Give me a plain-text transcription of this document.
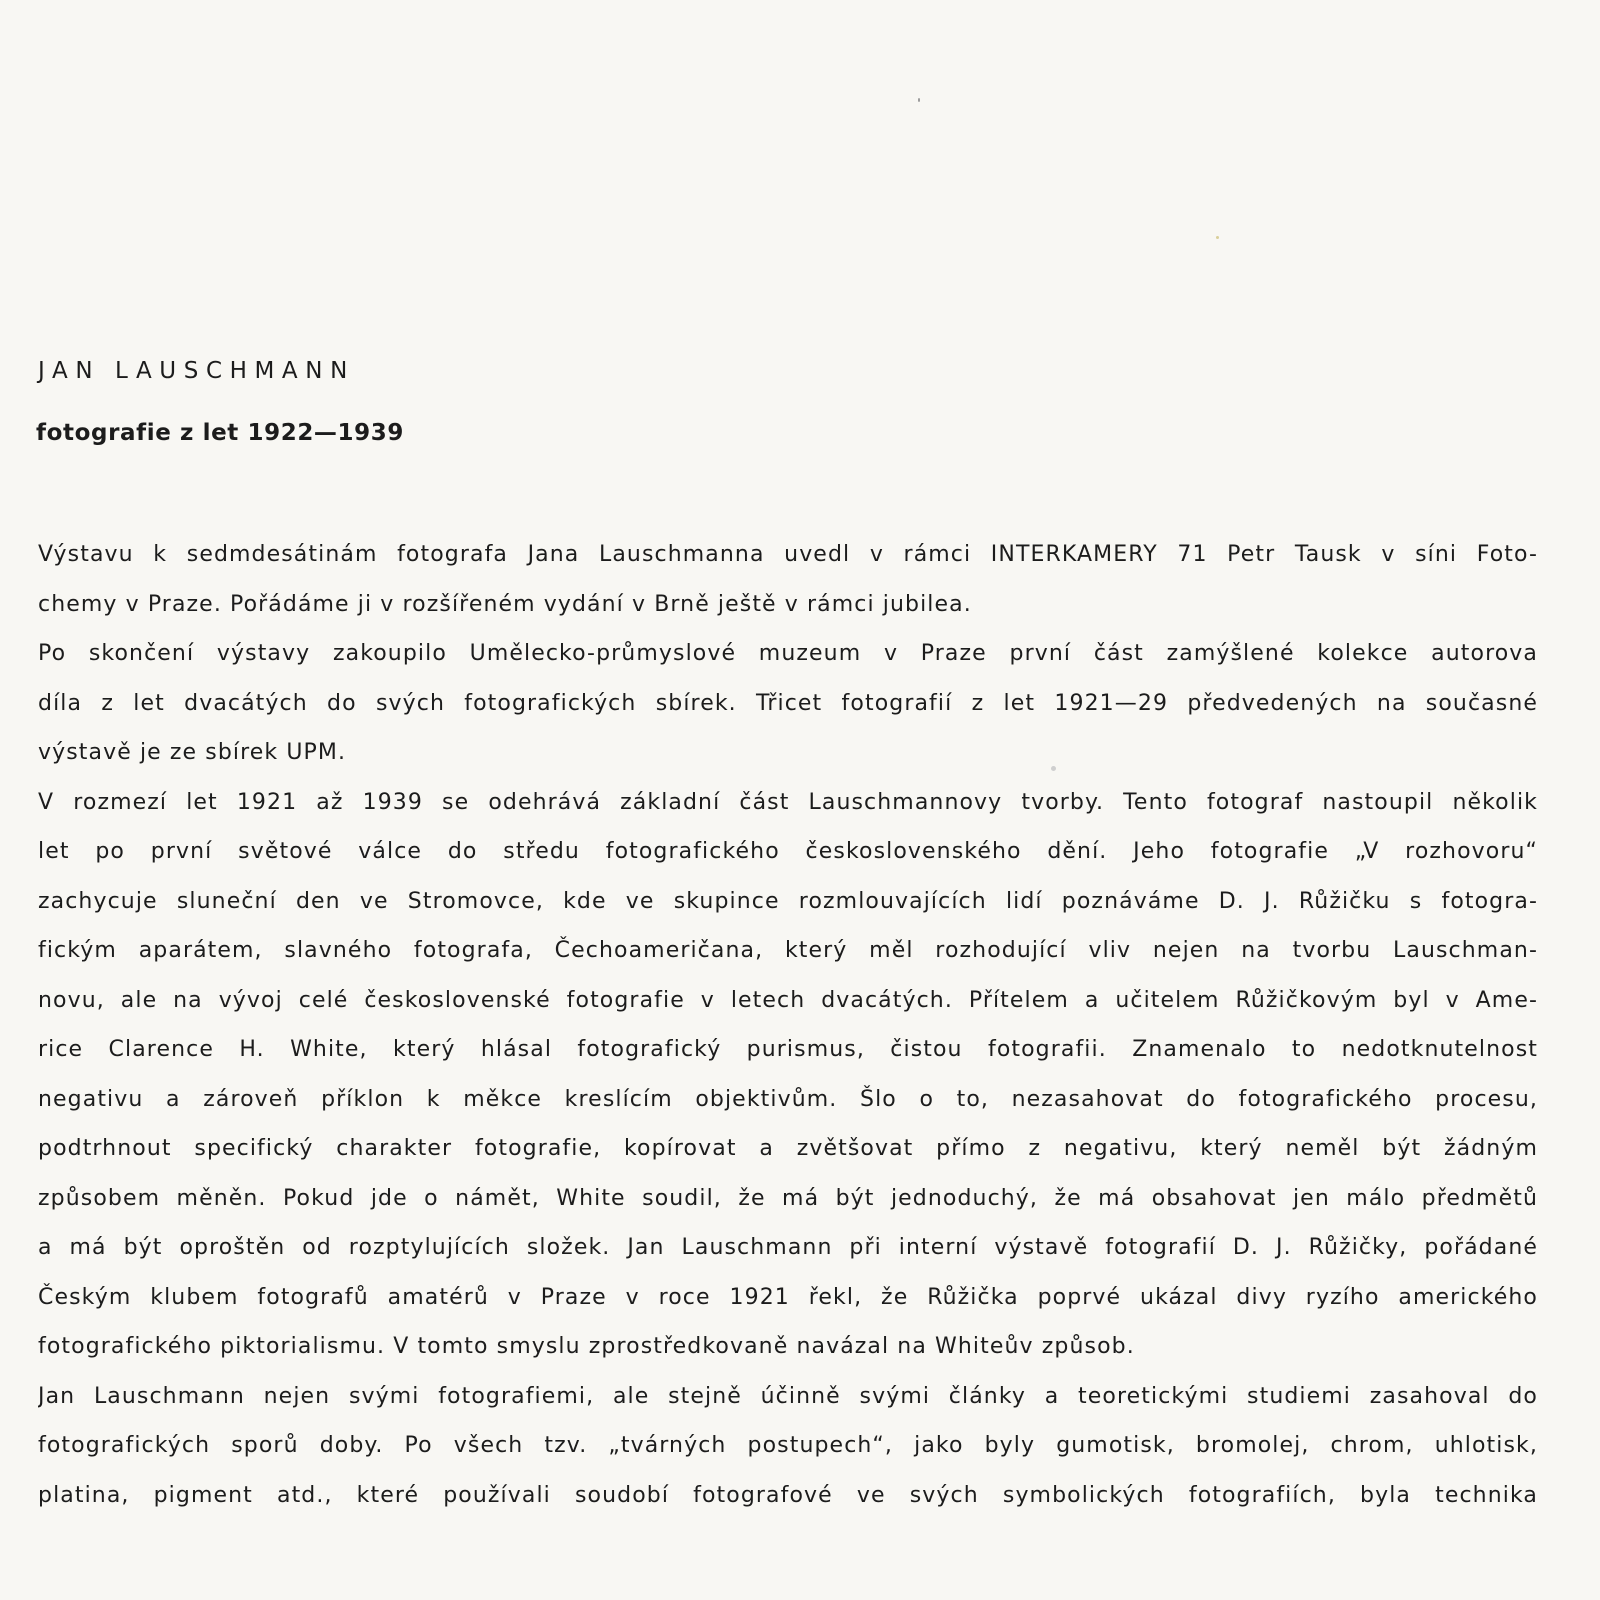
JAN LAUSCHMANN
fotografie z let 1922—1939
Výstavu k sedmdesátinám fotografa Jana Lauschmanna uvedl v rámci INTERKAMERY 71 Petr Tausk v síni Foto-
chemy v Praze. Pořádáme ji v rozšířeném vydání v Brně ještě v rámci jubilea.
Po skončení výstavy zakoupilo Umělecko-průmyslové muzeum v Praze první část zamýšlené kolekce autorova
díla z let dvacátých do svých fotografických sbírek. Třicet fotografií z let 1921—29 předvedených na současné
výstavě je ze sbírek UPM.
V rozmezí let 1921 až 1939 se odehrává základní část Lauschmannovy tvorby. Tento fotograf nastoupil několik
let po první světové válce do středu fotografického československého dění. Jeho fotografie „V rozhovoru“
zachycuje sluneční den ve Stromovce, kde ve skupince rozmlouvajících lidí poznáváme D. J. Růžičku s fotogra-
fickým aparátem, slavného fotografa, Čechoameričana, který měl rozhodující vliv nejen na tvorbu Lauschman-
novu, ale na vývoj celé československé fotografie v letech dvacátých. Přítelem a učitelem Růžičkovým byl v Ame-
rice Clarence H. White, který hlásal fotografický purismus, čistou fotografii. Znamenalo to nedotknutelnost
negativu a zároveň příklon k měkce kreslícím objektivům. Šlo o to, nezasahovat do fotografického procesu,
podtrhnout specifický charakter fotografie, kopírovat a zvětšovat přímo z negativu, který neměl být žádným
způsobem měněn. Pokud jde o námět, White soudil, že má být jednoduchý, že má obsahovat jen málo předmětů
a má být oproštěn od rozptylujících složek. Jan Lauschmann při interní výstavě fotografií D. J. Růžičky, pořádané
Českým klubem fotografů amatérů v Praze v roce 1921 řekl, že Růžička poprvé ukázal divy ryzího amerického
fotografického piktorialismu. V tomto smyslu zprostředkovaně navázal na Whiteův způsob.
Jan Lauschmann nejen svými fotografiemi, ale stejně účinně svými články a teoretickými studiemi zasahoval do
fotografických sporů doby. Po všech tzv. „tvárných postupech“, jako byly gumotisk, bromolej, chrom, uhlotisk,
platina, pigment atd., které používali soudobí fotografové ve svých symbolických fotografiích, byla technika
